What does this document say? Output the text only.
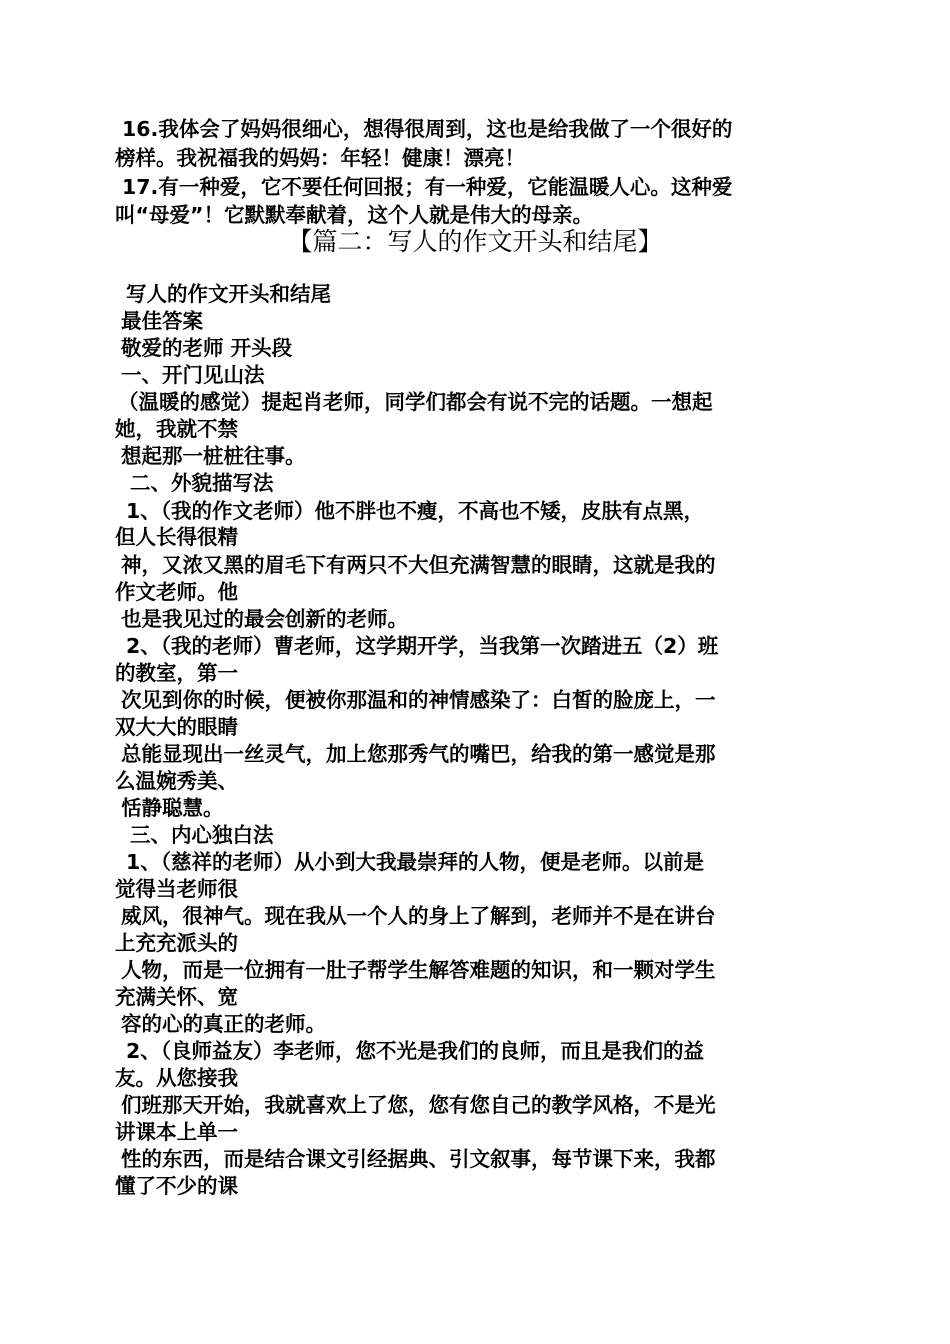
16.我体会了妈妈很细心，想得很周到，这也是给我做了一个很好的
榜样。我祝福我的妈妈：年轻！健康！漂亮！
17.有一种爱，它不要任何回报；有一种爱，它能温暖人心。这种爱
叫“母爱”！它默默奉献着，这个人就是伟大的母亲。
【篇二：写人的作文开头和结尾】
写人的作文开头和结尾
最佳答案
敬爱的老师 开头段
一、开门见山法
（温暖的感觉）提起肖老师，同学们都会有说不完的话题。一想起
她，我就不禁
想起那一桩桩往事。
二、外貌描写法
1、（我的作文老师）他不胖也不瘦，不高也不矮，皮肤有点黑，
但人长得很精
神，又浓又黑的眉毛下有两只不大但充满智慧的眼睛，这就是我的
作文老师。他
也是我见过的最会创新的老师。
2、（我的老师）曹老师，这学期开学，当我第一次踏进五（2）班
的教室，第一
次见到你的时候，便被你那温和的神情感染了：白皙的脸庞上，一
双大大的眼睛
总能显现出一丝灵气，加上您那秀气的嘴巴，给我的第一感觉是那
么温婉秀美、
恬静聪慧。
三、内心独白法
1、（慈祥的老师）从小到大我最崇拜的人物，便是老师。以前是
觉得当老师很
威风，很神气。现在我从一个人的身上了解到，老师并不是在讲台
上充充派头的
人物，而是一位拥有一肚子帮学生解答难题的知识，和一颗对学生
充满关怀、宽
容的心的真正的老师。
2、（良师益友）李老师，您不光是我们的良师，而且是我们的益
友。从您接我
们班那天开始，我就喜欢上了您，您有您自己的教学风格，不是光
讲课本上单一
性的东西，而是结合课文引经据典、引文叙事，每节课下来，我都
懂了不少的课
